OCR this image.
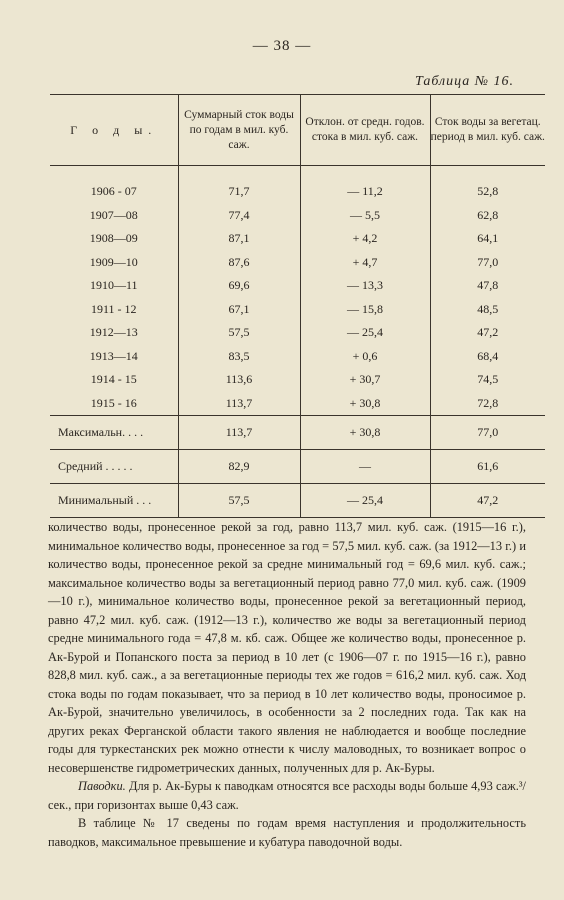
— 38 —
Таблица № 16.
Г о д ы.	Суммарный сток воды по годам в мил. куб. саж.	Отклон. от средн. годов. стока в мил. куб. саж.	Сток воды за вегетац. период в мил. куб. саж.

1906 - 07	71,7	— 11,2	52,8
1907—08	77,4	— 5,5	62,8
1908—09	87,1	+ 4,2	64,1
1909—10	87,6	+ 4,7	77,0
1910—11	69,6	— 13,3	47,8
1911 - 12	67,1	— 15,8	48,5
1912—13	57,5	— 25,4	47,2
1913—14	83,5	+ 0,6	68,4
1914 - 15	113,6	+ 30,7	74,5
1915 - 16	113,7	+ 30,8	72,8
Максимальн. . . .	113,7	+ 30,8	77,0
Средний . . . . .	82,9	—	61,6
Минимальный . . .	57,5	— 25,4	47,2

количество воды, пронесенное рекой за год, равно 113,7 мил. куб. саж. (1915—16 г.), минимальное количество воды, пронесенное за год = 57,5 мил. куб. саж. (за 1912—13 г.) и количество воды, пронесенное рекой за средне минимальный год = 69,6 мил. куб. саж.; максимальное количество воды за вегетационный период равно 77,0 мил. куб. саж. (1909—10 г.), минимальное количество воды, пронесенное рекой за вегетационный период, равно 47,2 мил. куб. саж. (1912—13 г.), количество же воды за вегетационный период средне минимального года = 47,8 м. кб. саж. Общее же количество воды, пронесенное р. Ак-Бурой и Попанского поста за период в 10 лет (с 1906—07 г. по 1915—16 г.), равно 828,8 мил. куб. саж., а за вегетационные периоды тех же годов = 616,2 мил. куб. саж. Ход стока воды по годам показывает, что за период в 10 лет количество воды, проносимое р. Ак-Бурой, значительно увеличилось, в особенности за 2 последних года. Так как на других реках Ферганской области такого явления не наблюдается и вообще последние годы для туркестанских рек можно отнести к числу маловодных, то возникает вопрос о несовершенстве гидрометрических данных, полученных для р. Ак-Буры.

Паводки. Для р. Ак-Буры к паводкам относятся все расходы воды больше 4,93 саж.³/сек., при горизонтах выше 0,43 саж.

В таблице № 17 сведены по годам время наступления и продолжительность паводков, максимальное превышение и кубатура паводочной воды.
